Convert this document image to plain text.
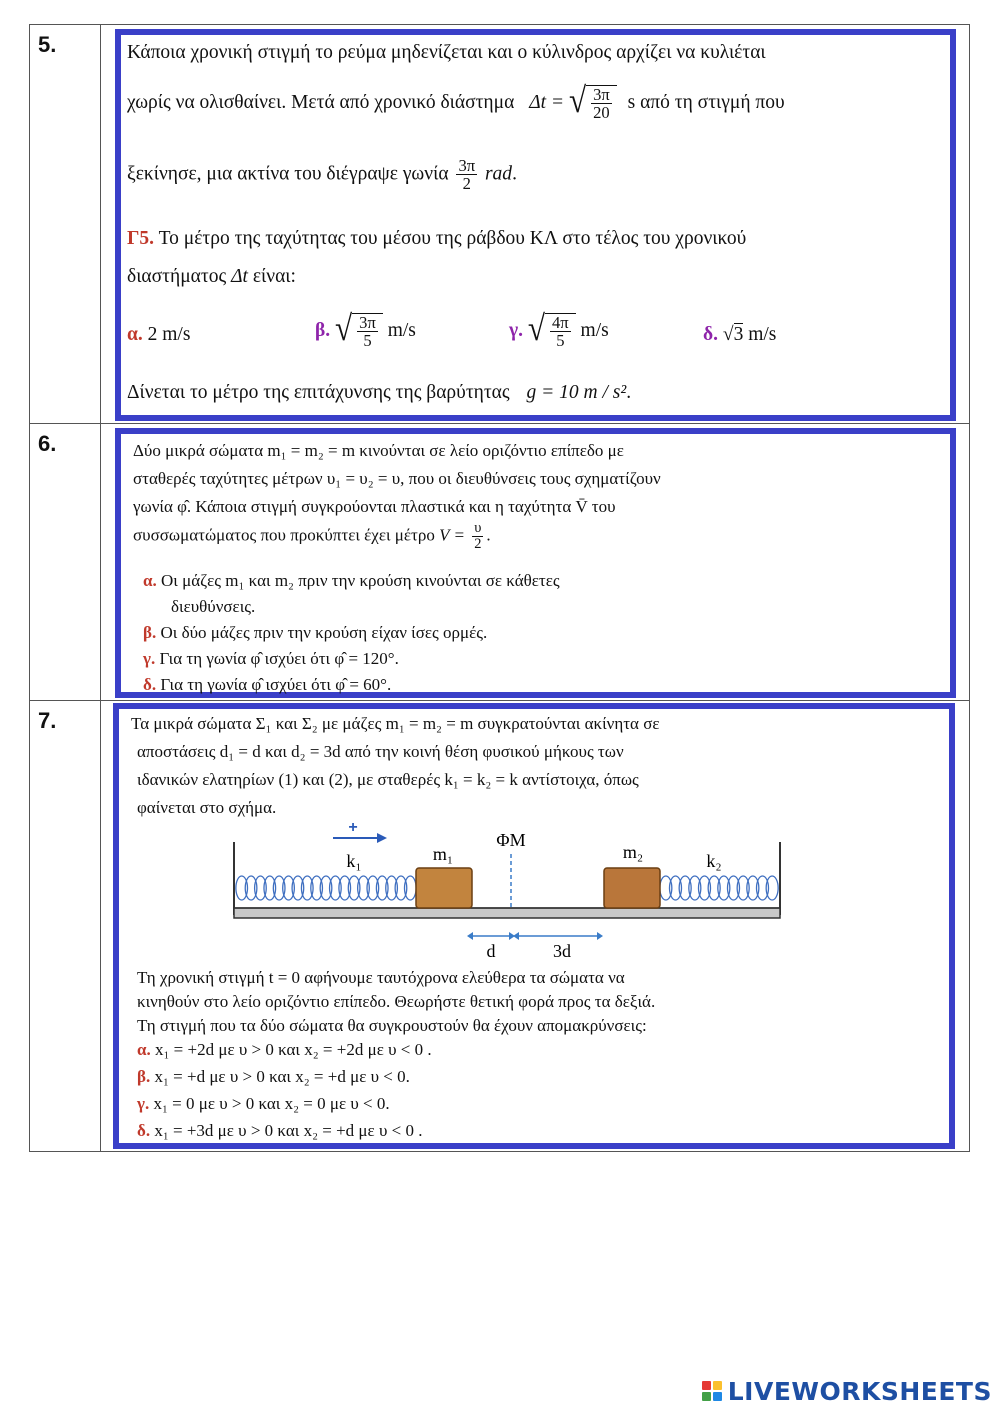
5.	Κάποια χρονική στιγμή το ρεύμα μηδενίζεται και ο κύλινδρος αρχίζει να κυλιέται
χωρίς να ολισθαίνει. Μετά από χρονικό διάστημα Δt = √ $\frac{3\pi}{20}$ s από τη στιγμή που
ξεκίνησε, μια ακτίνα του διέγραψε γωνία $\frac{3\pi}{2}$ rad.
Γ5. Το μέτρο της ταχύτητας του μέσου της ράβδου ΚΛ στο τέλος του χρονικού
διαστήματος Δt είναι:
α. 2 m/s	β. √ $\frac{3\pi}{5} m/s$	γ. √ $\frac{4\pi}{5} m/s$	δ. √3 m/s
Δίνεται το μέτρο της επιτάχυνσης της βαρύτητας g = 10 m / s².
6.	Δύο μικρά σώματα m₁ = m₂ = m κινούνται σε λείο οριζόντιο επίπεδο με
σταθερές ταχύτητες μέτρων υ₁ = υ₂ = υ, που οι διευθύνσεις τους σχηματίζουν
γωνία φ̂. Κάποια στιγμή συγκρούονται πλαστικά και η ταχύτητα V̄ του
συσσωματώματος που προκύπτει έχει μέτρο $V = \frac{\upsilon}{2}$ .
α. Οι μάζες m₁ και m₂ πριν την κρούση κινούνται σε κάθετες
διευθύνσεις.
β. Οι δύο μάζες πριν την κρούση είχαν ίσες ορμές.
γ. Για τη γωνία φ̂ ισχύει ότι φ̂ = 120°.
δ. Για τη γωνία φ̂ ισχύει ότι φ̂ = 60°.
7.	Τα μικρά σώματα Σ₁ και Σ₂ με μάζες m₁ = m₂ = m συγκρατούνται ακίνητα σε
αποστάσεις d₁ = d και d₂ = 3d από την κοινή θέση φυσικού μήκους των
ιδανικών ελατηρίων (1) και (2), με σταθερές k₁ = k₂ = k αντίστοιχα, όπως
φαίνεται στο σχήμα.
+
k₁	m₁
ΦΜ
m₂	k₂
d	3d
Τη χρονική στιγμή t = 0 αφήνουμε ταυτόχρονα ελεύθερα τα σώματα να
κινηθούν στο λείο οριζόντιο επίπεδο. Θεωρήστε θετική φορά προς τα δεξιά.
Τη στιγμή που τα δύο σώματα θα συγκρουστούν θα έχουν απομακρύνσεις:
α. x₁ = +2d με υ > 0 και x₂ = +2d με υ < 0 .
β. x₁ = +d με υ > 0 και x₂ = +d με υ < 0.
γ. x₁ = 0 με υ > 0 και x₂ = 0 με υ < 0.
δ. x₁ = +3d με υ > 0 και x₂ = +d με υ < 0 .
LIVEWORKSHEETS
